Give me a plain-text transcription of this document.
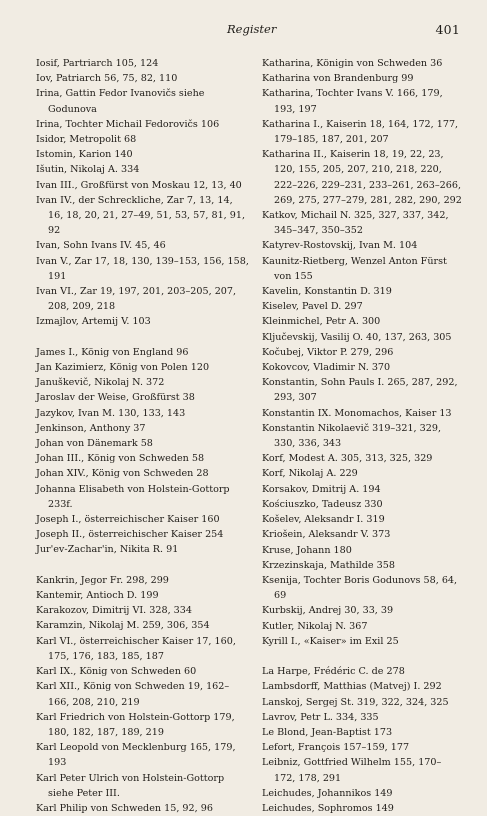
Register	401
Iosif, Partriarch 105, 124
Iov, Patriarch 56, 75, 82, 110
Irina, Gattin Fedor Ivanovičs siehe Godunova
Irina, Tochter Michail Fedorovičs 106
Isidor, Metropolit 68
Istomin, Karion 140
Išutin, Nikolaj A. 334
Ivan III., Großfürst von Moskau 12, 13, 40
Ivan IV., der Schreckliche, Zar 7, 13, 14, 16, 18, 20, 21, 27–49, 51, 53, 57, 81, 91, 92
Ivan, Sohn Ivans IV. 45, 46
Ivan V., Zar 17, 18, 130, 139–153, 156, 158, 191
Ivan VI., Zar 19, 197, 201, 203–205, 207, 208, 209, 218
Izmajlov, Artemij V. 103
James I., König von England 96
Jan Kazimierz, König von Polen 120
Januškevič, Nikolaj N. 372
Jaroslav der Weise, Großfürst 38
Jazykov, Ivan M. 130, 133, 143
Jenkinson, Anthony 37
Johan von Dänemark 58
Johan III., König von Schweden 58
Johan XIV., König von Schweden 28
Johanna Elisabeth von Holstein-Gottorp 233f.
Joseph I., österreichischer Kaiser 160
Joseph II., österreichischer Kaiser 254
Jur'ev-Zachar'in, Nikita R. 91
Kankrin, Jegor Fr. 298, 299
Kantemir, Antioch D. 199
Karakozov, Dimitrij VI. 328, 334
Karamzin, Nikolaj M. 259, 306, 354
Karl VI., österreichischer Kaiser 17, 160, 175, 176, 183, 185, 187
Karl IX., König von Schweden 60
Karl XII., König von Schweden 19, 162–166, 208, 210, 219
Karl Friedrich von Holstein-Gottorp 179, 180, 182, 187, 189, 219
Karl Leopold von Mecklenburg 165, 179, 193
Karl Peter Ulrich von Holstein-Gottorp siehe Peter III.
Karl Philip von Schweden 15, 92, 96
Katharina, Königin von Schweden 36
Katharina von Brandenburg 99
Katharina, Tochter Ivans V. 166, 179, 193, 197
Katharina I., Kaiserin 18, 164, 172, 177, 179–185, 187, 201, 207
Katharina II., Kaiserin 18, 19, 22, 23, 120, 155, 205, 207, 210, 218, 220, 222–226, 229–231, 233–261, 263–266, 269, 275, 277–279, 281, 282, 290, 292
Katkov, Michail N. 325, 327, 337, 342, 345–347, 350–352
Katyrev-Rostovskij, Ivan M. 104
Kaunitz-Rietberg, Wenzel Anton Fürst von 155
Kavelin, Konstantin D. 319
Kiselev, Pavel D. 297
Kleinmichel, Petr A. 300
Ključevskij, Vasilij O. 40, 137, 263, 305
Kočubej, Viktor P. 279, 296
Kokovcov, Vladimir N. 370
Konstantin, Sohn Pauls I. 265, 287, 292, 293, 307
Konstantin IX. Monomachos, Kaiser 13
Konstantin Nikolaevič 319–321, 329, 330, 336, 343
Korf, Modest A. 305, 313, 325, 329
Korf, Nikolaj A. 229
Korsakov, Dmitrij A. 194
Kościuszko, Tadeusz 330
Košelev, Aleksandr I. 319
Kriošein, Aleksandr V. 373
Kruse, Johann 180
Krzezinskaja, Mathilde 358
Ksenija, Tochter Boris Godunovs 58, 64, 69
Kurbskij, Andrej 30, 33, 39
Kutler, Nikolaj N. 367
Kyrill I., «Kaiser» im Exil 25
La Harpe, Frédéric C. de 278
Lambsdorff, Matthias (Matvej) I. 292
Lanskoj, Sergej St. 319, 322, 324, 325
Lavrov, Petr L. 334, 335
Le Blond, Jean-Baptist 173
Lefort, François 157–159, 177
Leibniz, Gottfried Wilhelm 155, 170–172, 178, 291
Leichudes, Johannikos 149
Leichudes, Sophromos 149
